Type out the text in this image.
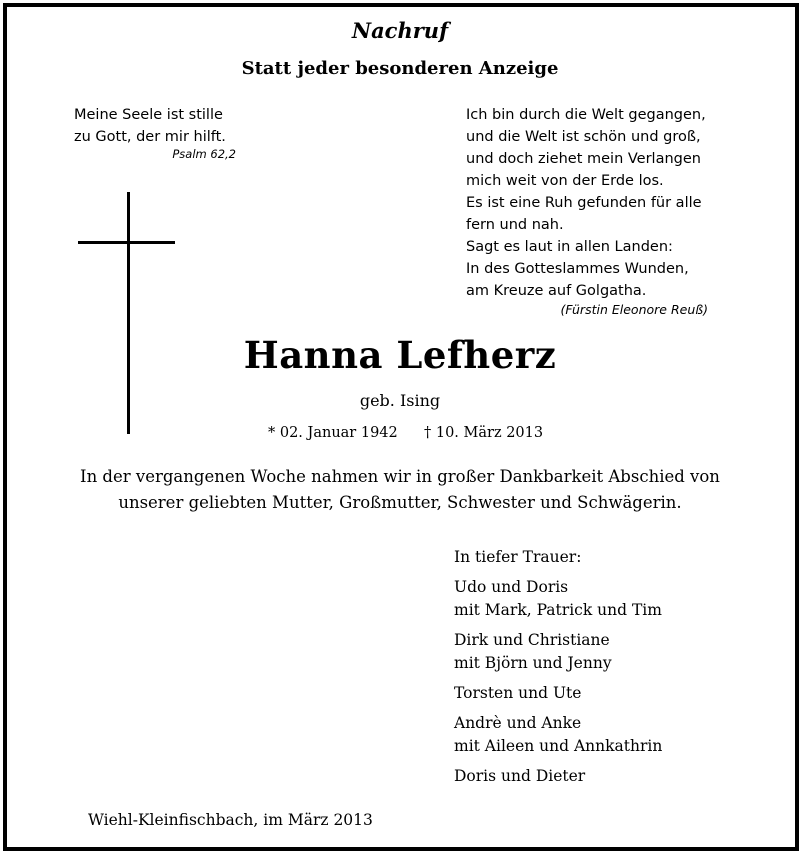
Nachruf
Statt jeder besonderen Anzeige
Meine Seele ist stille
zu Gott, der mir hilft.
Psalm 62,2
Ich bin durch die Welt gegangen,
und die Welt ist schön und groß,
und doch ziehet mein Verlangen
mich weit von der Erde los.
Es ist eine Ruh gefunden für alle
fern und nah.
Sagt es laut in allen Landen:
In des Gotteslammes Wunden,
am Kreuze auf Golgatha.
(Fürstin Eleonore Reuß)
Hanna Lefherz
geb. Ising
* 02. Januar 1942 † 10. März 2013
In der vergangenen Woche nahmen wir in großer Dankbarkeit Abschied von
unserer geliebten Mutter, Großmutter, Schwester und Schwägerin.
In tiefer Trauer:
Udo und Doris
mit Mark, Patrick und Tim
Dirk und Christiane
mit Björn und Jenny
Torsten und Ute
Andrè und Anke
mit Aileen und Annkathrin
Doris und Dieter
Wiehl-Kleinfischbach, im März 2013
